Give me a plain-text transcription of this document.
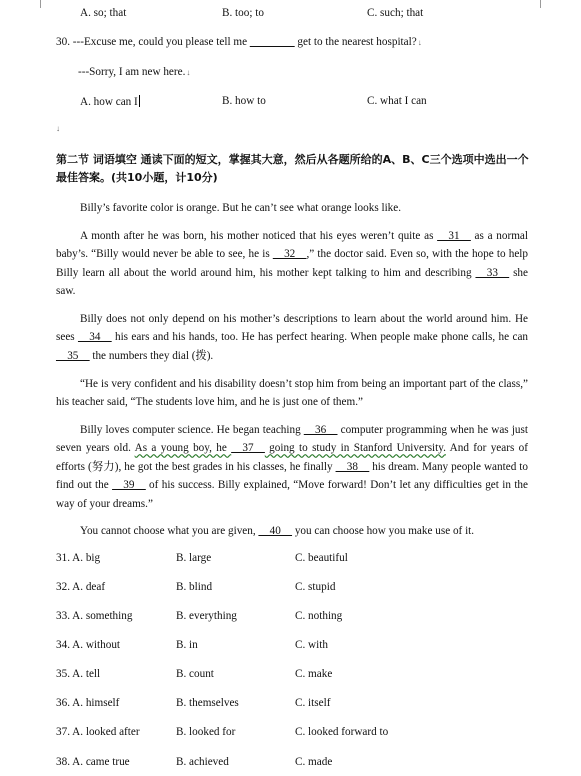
A. so; that	B. too; to	C. such; that
30. ---Excuse me, could you please tell me ________ get to the nearest hospital?↓
---Sorry, I am new here.↓
A. how can I	B. how to	C. what I can
↓
第二节 词语填空 通读下面的短文，掌握其大意，然后从各题所给的A、B、C三个选项中选出一个最佳答案。(共10小题，计10分)
Billy’s favorite color is orange. But he can’t see what orange looks like.
A month after he was born, his mother noticed that his eyes weren’t quite as __31__ as a normal baby’s. “Billy would never be able to see, he is __32__,” the doctor said. Even so, with the hope to help Billy learn all about the world around him, his mother kept talking to him and describing __33__ she saw.
Billy does not only depend on his mother’s descriptions to learn about the world around him. He sees __34__ his ears and his hands, too. He has perfect hearing. When people make phone calls, he can __35__ the numbers they dial (拨).
“He is very confident and his disability doesn’t stop him from being an important part of the class,” his teacher said, “The students love him, and he is just one of them.”
Billy loves computer science. He began teaching __36__ computer programming when he was just seven years old. As a young boy, he __37__ going to study in Stanford University. And for years of efforts (努力), he got the best grades in his classes, he finally __38__ his dream. Many people wanted to find out the __39__ of his success. Billy explained, “Move forward! Don’t let any difficulties get in the way of your dreams.”
You cannot choose what you are given, __40__ you can choose how you make use of it.
31. A. big	B. large	C. beautiful
32. A. deaf	B. blind	C. stupid
33. A. something	B. everything	C. nothing
34. A. without	B. in	C. with
35. A. tell	B. count	C. make
36. A. himself	B. themselves	C. itself
37. A. looked after	B. looked for	C. looked forward to
38. A. came true	B. achieved	C. made
